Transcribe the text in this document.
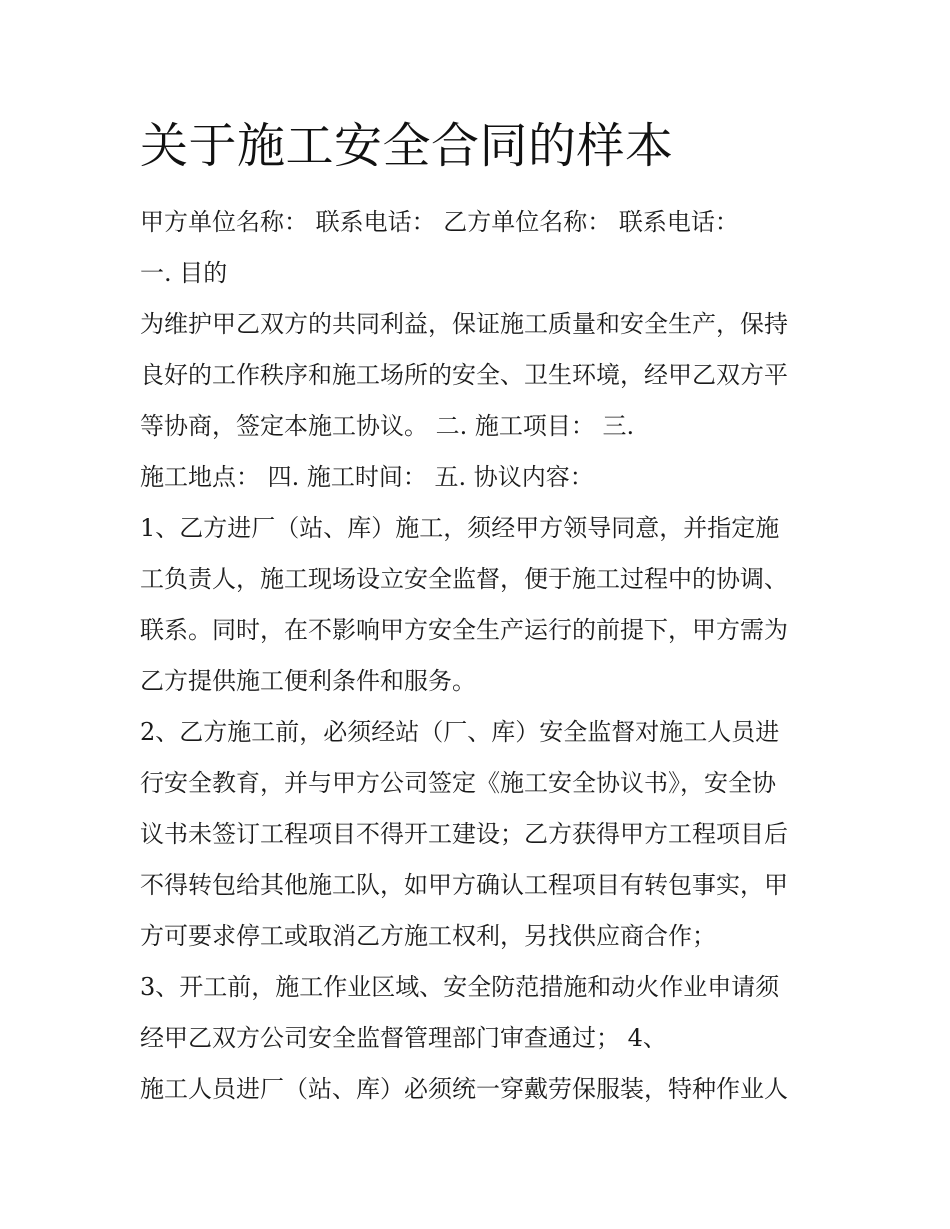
关于施工安全合同的样本
甲方单位名称： 联系电话： 乙方单位名称： 联系电话：
一. 目的
为维护甲乙双方的共同利益，保证施工质量和安全生产，保持
良好的工作秩序和施工场所的安全、卫生环境，经甲乙双方平
等协商，签定本施工协议。 二. 施工项目： 三.
施工地点： 四. 施工时间： 五. 协议内容：
1、乙方进厂（站、库）施工，须经甲方领导同意，并指定施
工负责人，施工现场设立安全监督，便于施工过程中的协调、
联系。同时，在不影响甲方安全生产运行的前提下，甲方需为
乙方提供施工便利条件和服务。
2、乙方施工前，必须经站（厂、库）安全监督对施工人员进
行安全教育，并与甲方公司签定《施工安全协议书》，安全协
议书未签订工程项目不得开工建设；乙方获得甲方工程项目后
不得转包给其他施工队，如甲方确认工程项目有转包事实，甲
方可要求停工或取消乙方施工权利，另找供应商合作；
3、开工前，施工作业区域、安全防范措施和动火作业申请须
经甲乙双方公司安全监督管理部门审查通过； 4、
施工人员进厂（站、库）必须统一穿戴劳保服装，特种作业人
